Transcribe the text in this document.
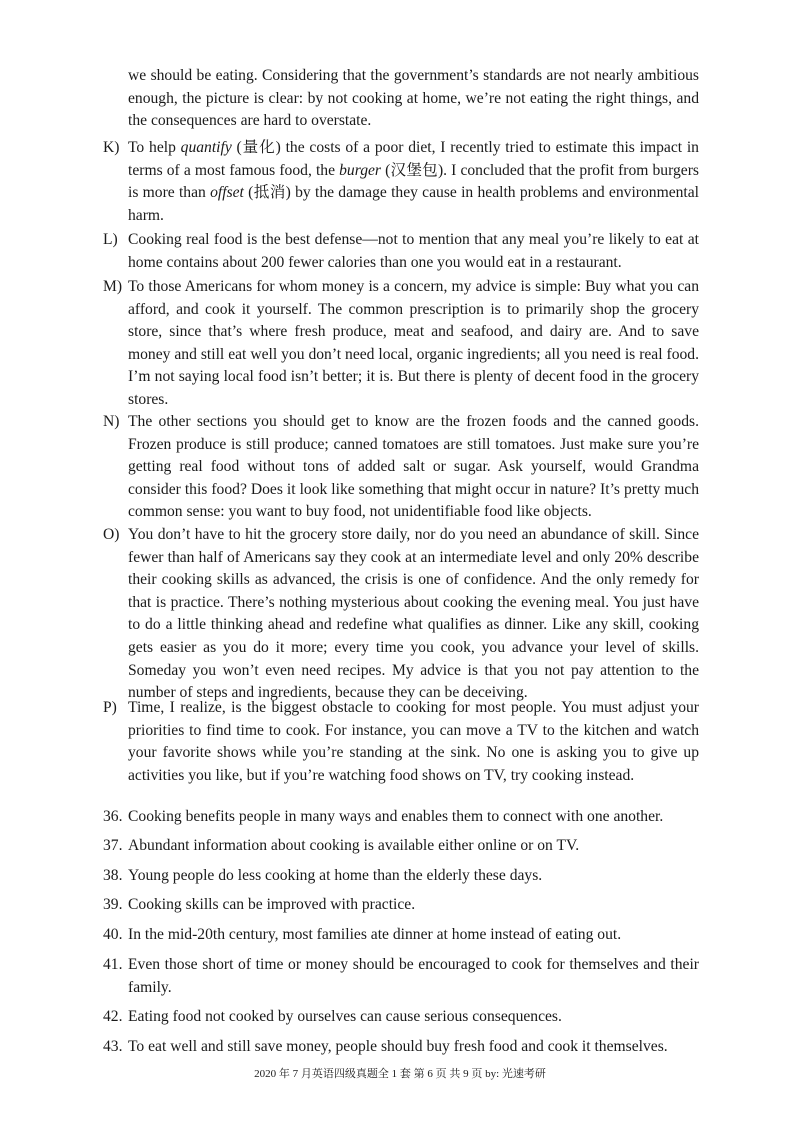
we should be eating. Considering that the government’s standards are not nearly ambitious enough, the picture is clear: by not cooking at home, we’re not eating the right things, and the consequences are hard to overstate.
K) To help quantify (量化) the costs of a poor diet, I recently tried to estimate this impact in terms of a most famous food, the burger (汉堡包). I concluded that the profit from burgers is more than offset (抵消) by the damage they cause in health problems and environmental harm.
L) Cooking real food is the best defense—not to mention that any meal you’re likely to eat at home contains about 200 fewer calories than one you would eat in a restaurant.
M) To those Americans for whom money is a concern, my advice is simple: Buy what you can afford, and cook it yourself. The common prescription is to primarily shop the grocery store, since that’s where fresh produce, meat and seafood, and dairy are. And to save money and still eat well you don’t need local, organic ingredients; all you need is real food. I’m not saying local food isn’t better; it is. But there is plenty of decent food in the grocery stores.
N) The other sections you should get to know are the frozen foods and the canned goods. Frozen produce is still produce; canned tomatoes are still tomatoes. Just make sure you’re getting real food without tons of added salt or sugar. Ask yourself, would Grandma consider this food? Does it look like something that might occur in nature? It’s pretty much common sense: you want to buy food, not unidentifiable food like objects.
O) You don’t have to hit the grocery store daily, nor do you need an abundance of skill. Since fewer than half of Americans say they cook at an intermediate level and only 20% describe their cooking skills as advanced, the crisis is one of confidence. And the only remedy for that is practice. There’s nothing mysterious about cooking the evening meal. You just have to do a little thinking ahead and redefine what qualifies as dinner. Like any skill, cooking gets easier as you do it more; every time you cook, you advance your level of skills. Someday you won’t even need recipes. My advice is that you not pay attention to the number of steps and ingredients, because they can be deceiving.
P) Time, I realize, is the biggest obstacle to cooking for most people. You must adjust your priorities to find time to cook. For instance, you can move a TV to the kitchen and watch your favorite shows while you’re standing at the sink. No one is asking you to give up activities you like, but if you’re watching food shows on TV, try cooking instead.
36. Cooking benefits people in many ways and enables them to connect with one another.
37. Abundant information about cooking is available either online or on TV.
38. Young people do less cooking at home than the elderly these days.
39. Cooking skills can be improved with practice.
40. In the mid-20th century, most families ate dinner at home instead of eating out.
41. Even those short of time or money should be encouraged to cook for themselves and their family.
42. Eating food not cooked by ourselves can cause serious consequences.
43. To eat well and still save money, people should buy fresh food and cook it themselves.
2020 年 7 月英语四级真题全 1 套 第 6 页 共 9 页 by: 光速考研
